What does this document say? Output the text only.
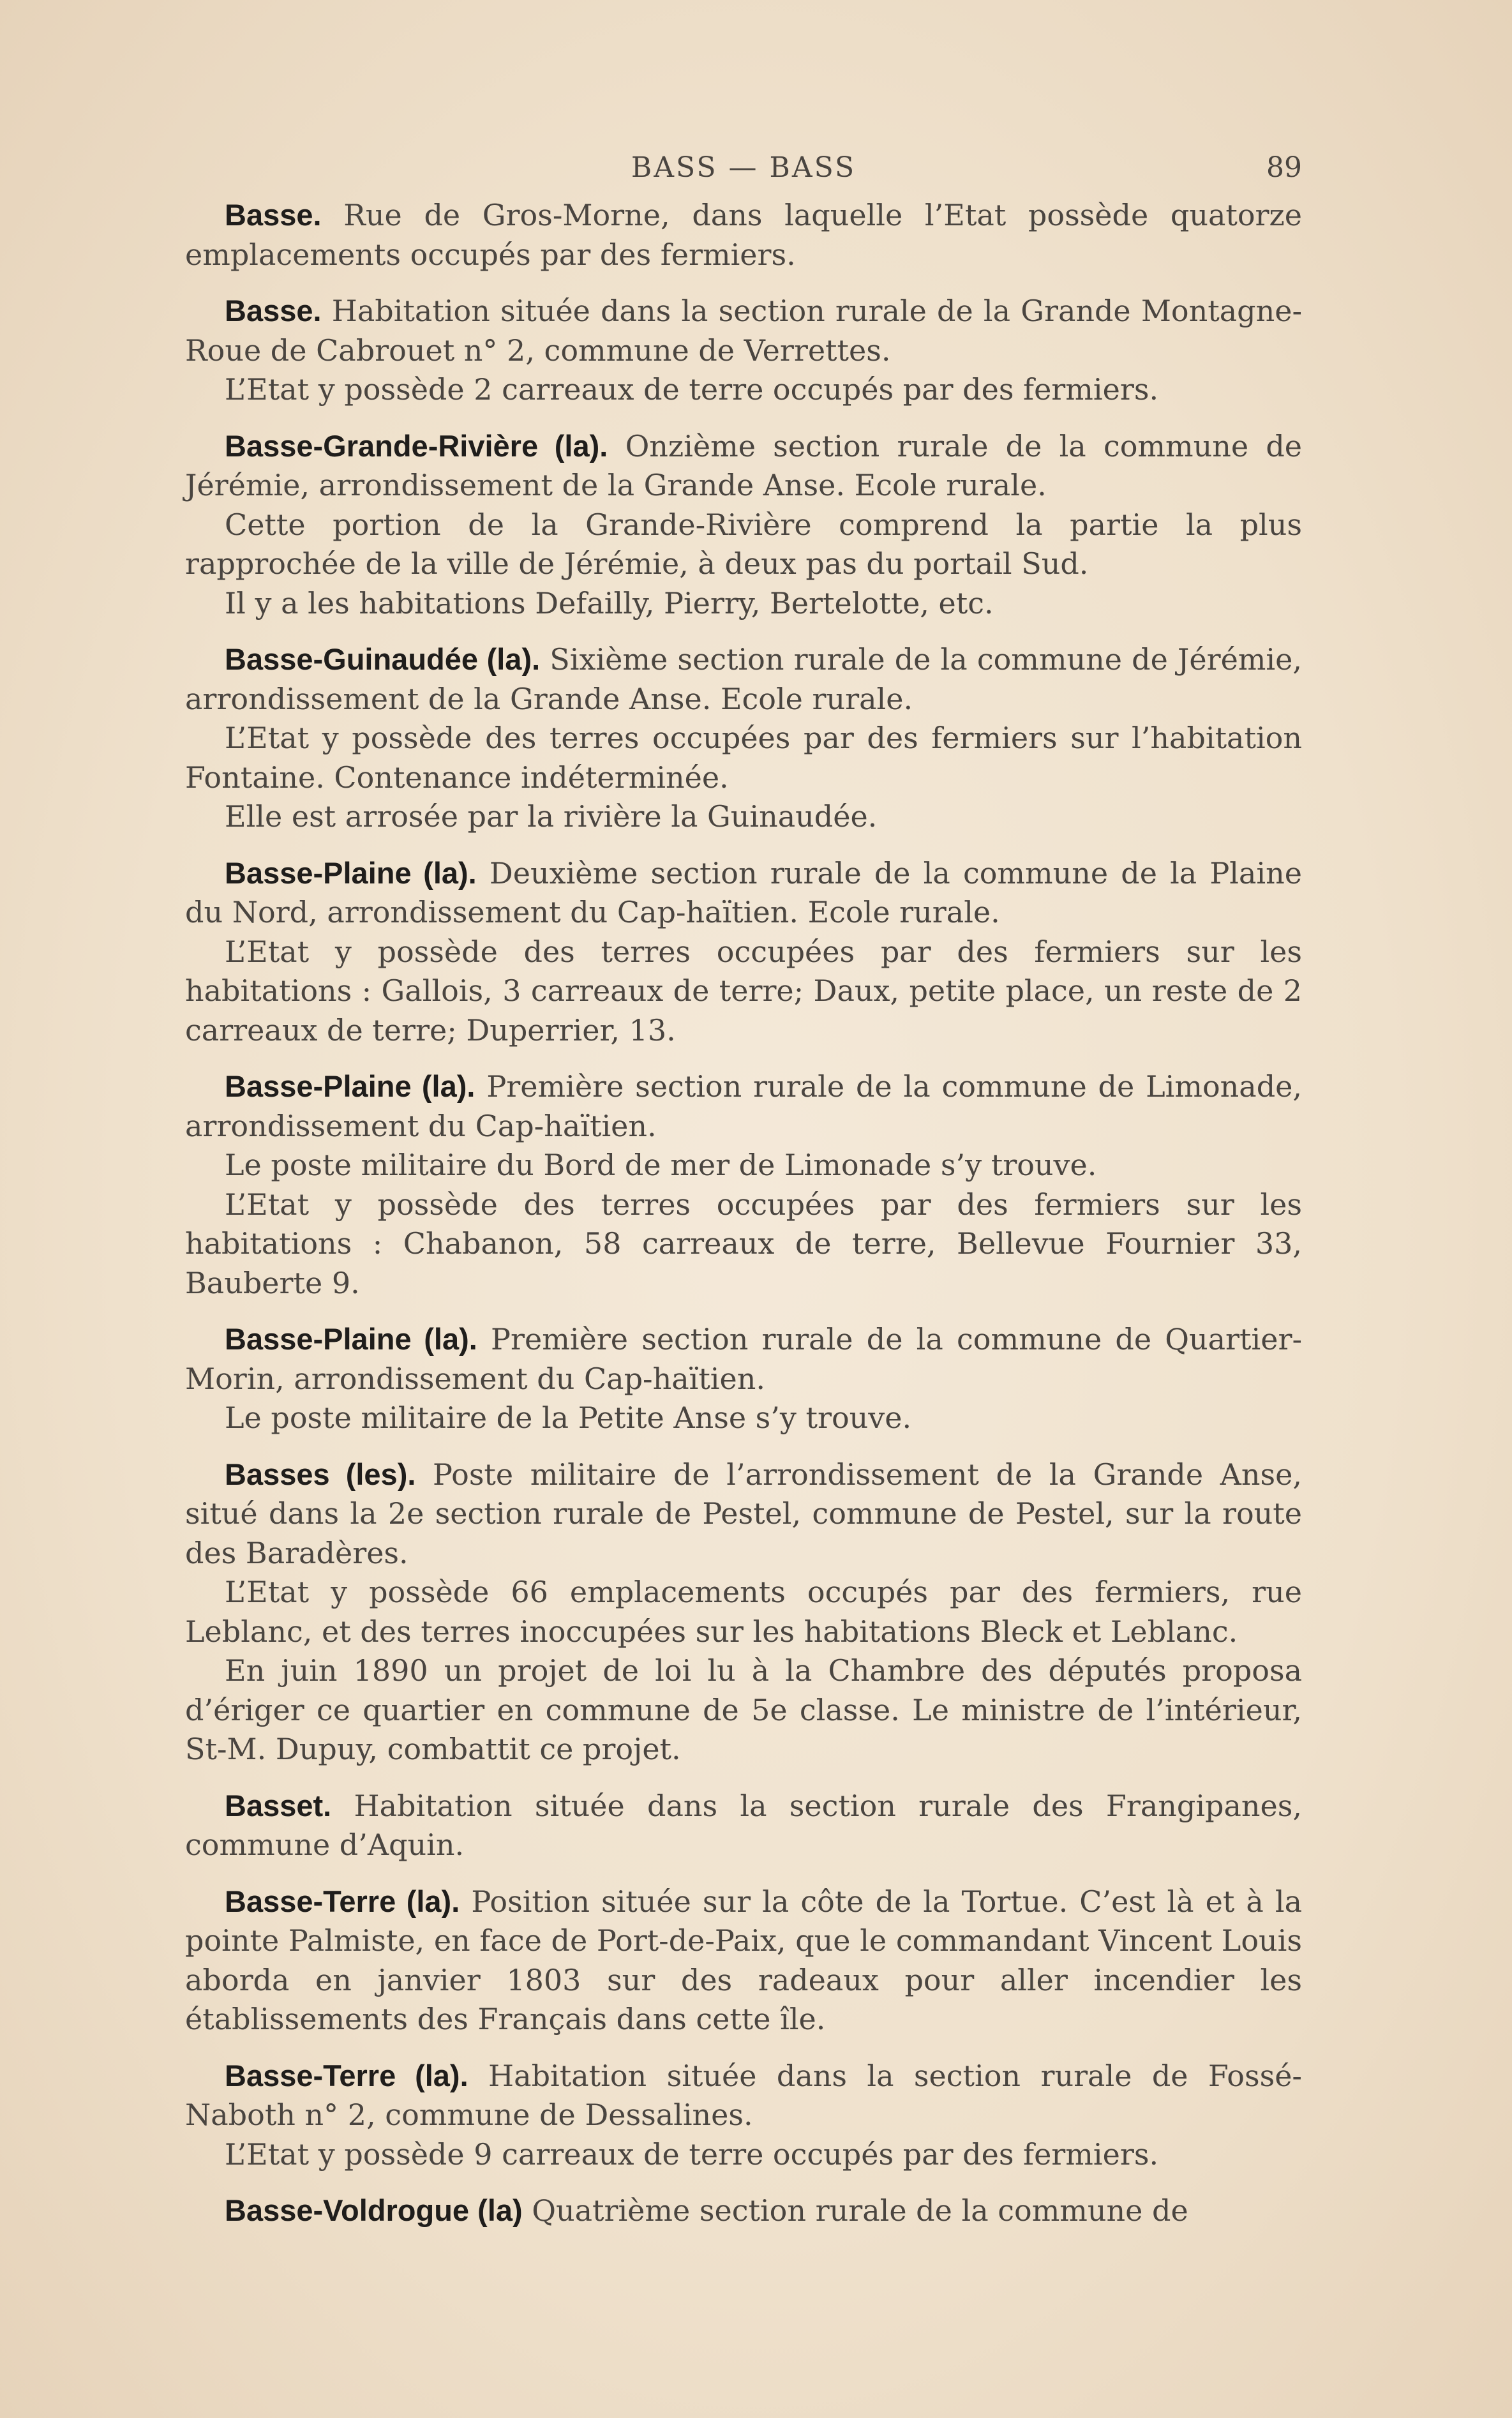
BASS — BASS	89

Basse. Rue de Gros-Morne, dans laquelle l’Etat possède quatorze emplacements occupés par des fermiers.

Basse. Habitation située dans la section rurale de la Grande Montagne-Roue de Cabrouet n° 2, commune de Verrettes.

L’Etat y possède 2 carreaux de terre occupés par des fermiers.

Basse-Grande-Rivière (la). Onzième section rurale de la commune de Jérémie, arrondissement de la Grande Anse. Ecole rurale.

Cette portion de la Grande-Rivière comprend la partie la plus rapprochée de la ville de Jérémie, à deux pas du portail Sud.

Il y a les habitations Defailly, Pierry, Bertelotte, etc.

Basse-Guinaudée (la). Sixième section rurale de la commune de Jérémie, arrondissement de la Grande Anse. Ecole rurale.

L’Etat y possède des terres occupées par des fermiers sur l’habitation Fontaine. Contenance indéterminée.

Elle est arrosée par la rivière la Guinaudée.

Basse-Plaine (la). Deuxième section rurale de la commune de la Plaine du Nord, arrondissement du Cap-haïtien. Ecole rurale.

L’Etat y possède des terres occupées par des fermiers sur les habitations : Gallois, 3 carreaux de terre; Daux, petite place, un reste de 2 carreaux de terre; Duperrier, 13.

Basse-Plaine (la). Première section rurale de la commune de Limonade, arrondissement du Cap-haïtien.

Le poste militaire du Bord de mer de Limonade s’y trouve.

L’Etat y possède des terres occupées par des fermiers sur les habitations : Chabanon, 58 carreaux de terre, Bellevue Fournier 33, Bauberte 9.

Basse-Plaine (la). Première section rurale de la commune de Quartier-Morin, arrondissement du Cap-haïtien.

Le poste militaire de la Petite Anse s’y trouve.

Basses (les). Poste militaire de l’arrondissement de la Grande Anse, situé dans la 2e section rurale de Pestel, commune de Pestel, sur la route des Baradères.

L’Etat y possède 66 emplacements occupés par des fermiers, rue Leblanc, et des terres inoccupées sur les habitations Bleck et Leblanc.

En juin 1890 un projet de loi lu à la Chambre des députés proposa d’ériger ce quartier en commune de 5e classe. Le ministre de l’intérieur, St-M. Dupuy, combattit ce projet.

Basset. Habitation située dans la section rurale des Frangipanes, commune d’Aquin.

Basse-Terre (la). Position située sur la côte de la Tortue. C’est là et à la pointe Palmiste, en face de Port-de-Paix, que le commandant Vincent Louis aborda en janvier 1803 sur des radeaux pour aller incendier les établissements des Français dans cette île.

Basse-Terre (la). Habitation située dans la section rurale de Fossé-Naboth n° 2, commune de Dessalines.

L’Etat y possède 9 carreaux de terre occupés par des fermiers.

Basse-Voldrogue (la) Quatrième section rurale de la commune de
